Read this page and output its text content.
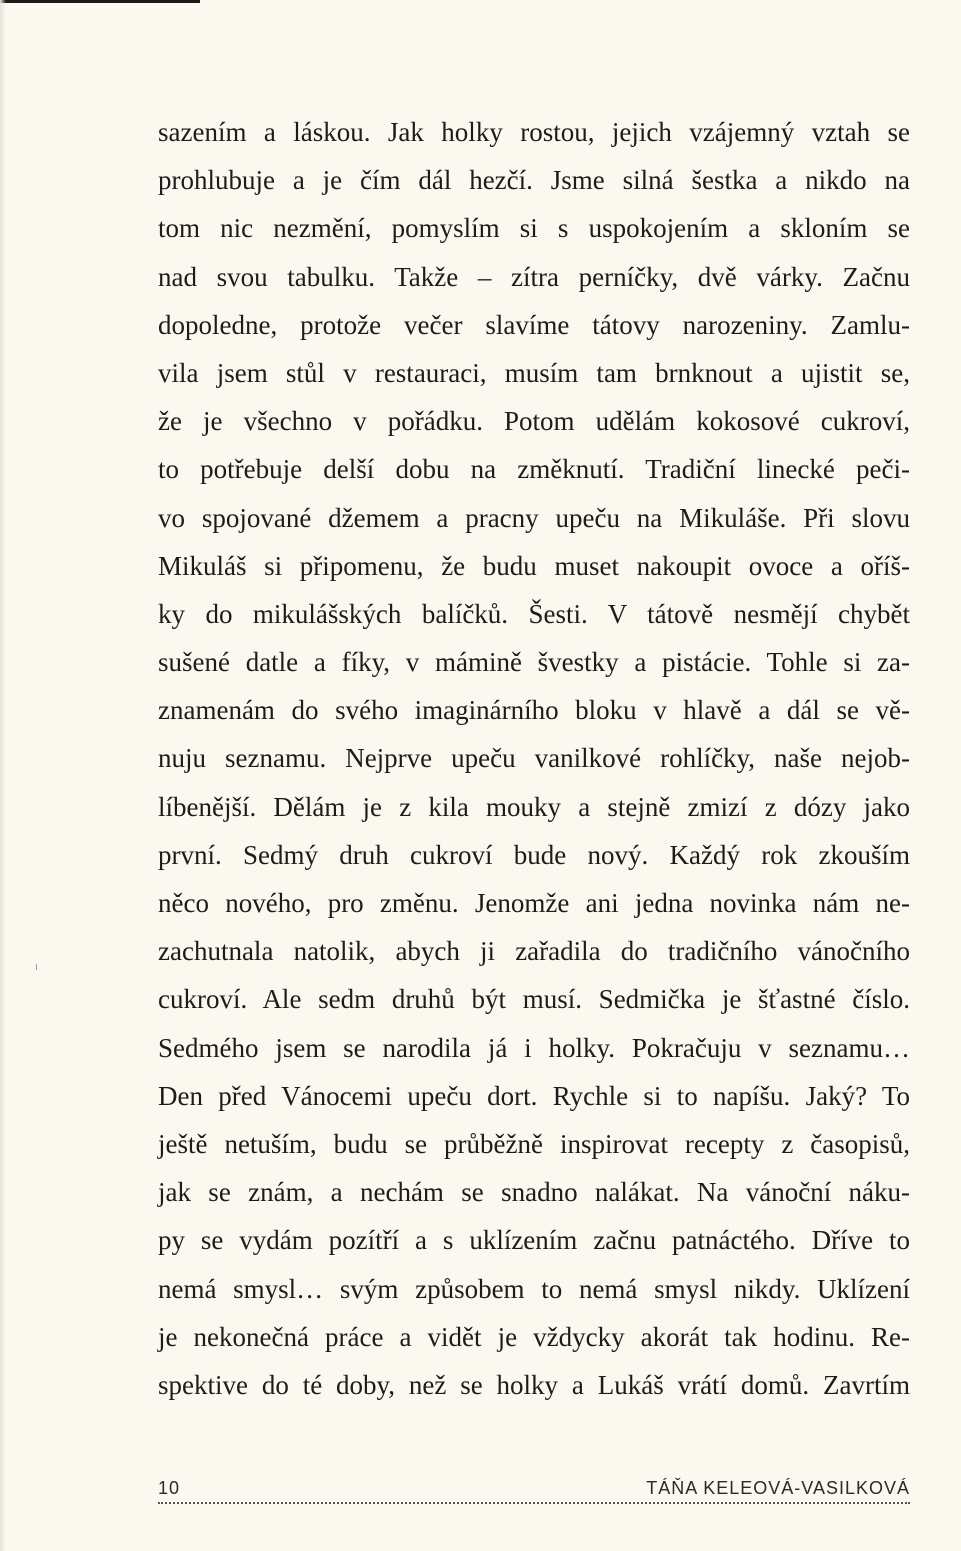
sazením a láskou. Jak holky rostou, jejich vzájemný vztah se
prohlubuje a je čím dál hezčí. Jsme silná šestka a nikdo na
tom nic nezmění, pomyslím si s uspokojením a skloním se
nad svou tabulku. Takže – zítra perníčky, dvě várky. Začnu
dopoledne, protože večer slavíme tátovy narozeniny. Zamlu-
vila jsem stůl v restauraci, musím tam brnknout a ujistit se,
že je všechno v pořádku. Potom udělám kokosové cukroví,
to potřebuje delší dobu na změknutí. Tradiční linecké peči-
vo spojované džemem a pracny upeču na Mikuláše. Při slovu
Mikuláš si připomenu, že budu muset nakoupit ovoce a oříš-
ky do mikulášských balíčků. Šesti. V tátově nesmějí chybět
sušené datle a fíky, v mámině švestky a pistácie. Tohle si za-
znamenám do svého imaginárního bloku v hlavě a dál se vě-
nuju seznamu. Nejprve upeču vanilkové rohlíčky, naše nejob-
líbenější. Dělám je z kila mouky a stejně zmizí z dózy jako
první. Sedmý druh cukroví bude nový. Každý rok zkouším
něco nového, pro změnu. Jenomže ani jedna novinka nám ne-
zachutnala natolik, abych ji zařadila do tradičního vánočního
cukroví. Ale sedm druhů být musí. Sedmička je šťastné číslo.
Sedmého jsem se narodila já i holky. Pokračuju v seznamu…
Den před Vánocemi upeču dort. Rychle si to napíšu. Jaký? To
ještě netuším, budu se průběžně inspirovat recepty z časopisů,
jak se znám, a nechám se snadno nalákat. Na vánoční náku-
py se vydám pozítří a s uklízením začnu patnáctého. Dříve to
nemá smysl… svým způsobem to nemá smysl nikdy. Uklízení
je nekonečná práce a vidět je vždycky akorát tak hodinu. Re-
spektive do té doby, než se holky a Lukáš vrátí domů. Zavrtím
10	TÁŇA KELEOVÁ-VASILKOVÁ
